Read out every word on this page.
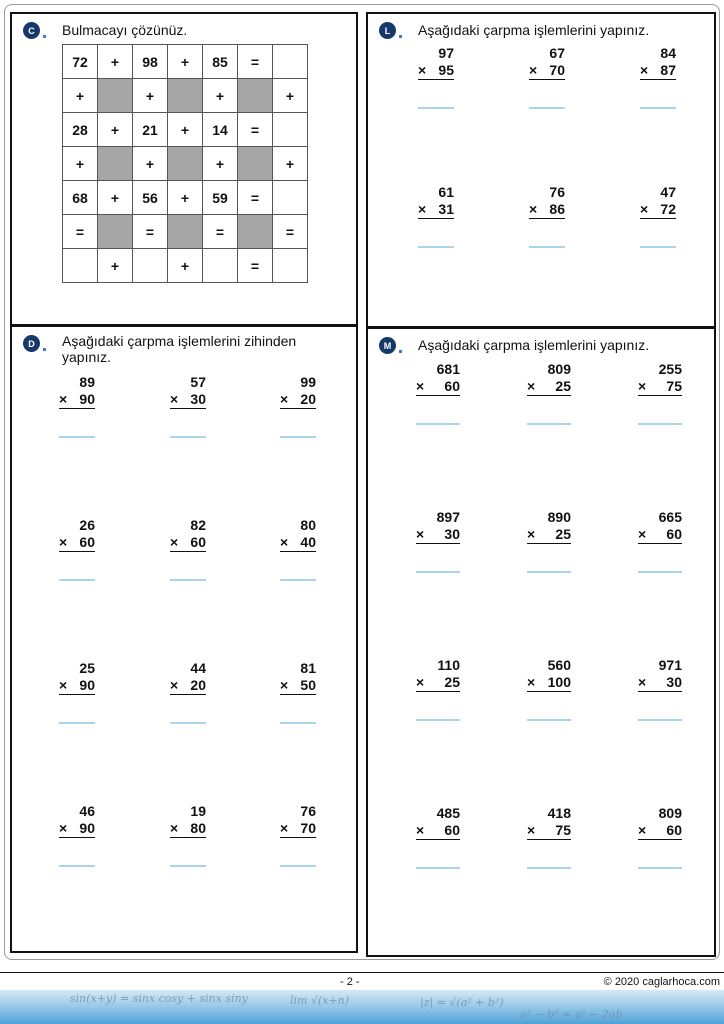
C	Bulmacayı çözünüz.
72	+	98	+	85	=	
+		+		+		+
28	+	21	+	14	=	
+		+		+		+
68	+	56	+	59	=	
=		=		=		=
	+		+		=	
L	Aşağıdaki çarpma işlemlerini yapınız.
97
× 95
67
× 70
84
× 87
61
× 31
76
× 86
47
× 72
D	Aşağıdaki çarpma işlemlerini zihinden yapınız.
89
× 90
57
× 30
99
× 20
26
× 60
82
× 60
80
× 40
25
× 90
44
× 20
81
× 50
46
× 90
19
× 80
76
× 70
M	Aşağıdaki çarpma işlemlerini yapınız.
681
× 60
809
× 25
255
× 75
897
× 30
890
× 25
665
× 60
110
× 25
560
× 100
971
× 30
485
× 60
418
× 75
809
× 60
- 2 -	© 2020 caglarhoca.com
sin(x+y) = sinx cosy + sinx siny	lim √(x+n)	|z| = √(a² + b²)
a² − b² = a² − 2ab
